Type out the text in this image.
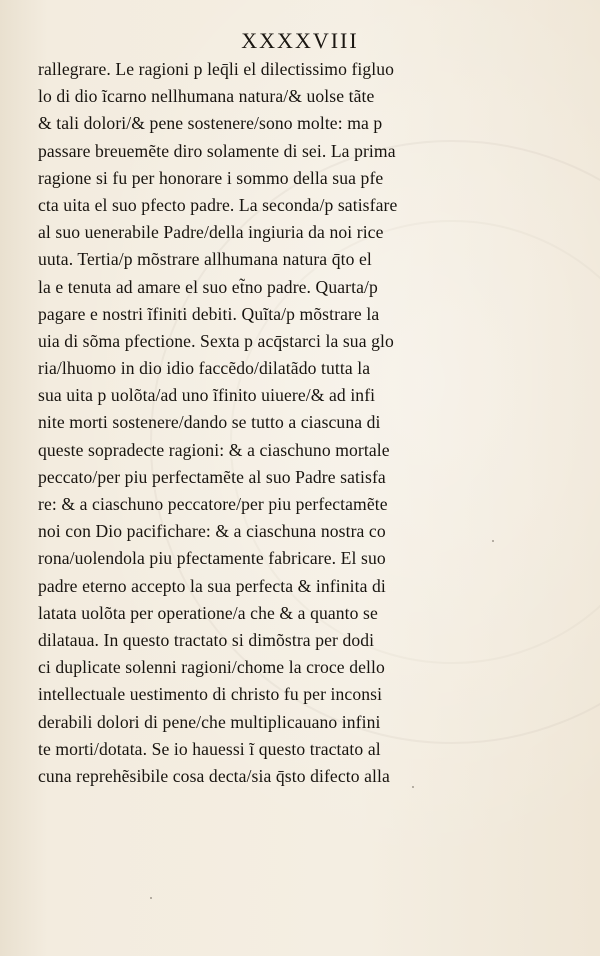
XXXXVIII
rallegrare. Le ragioni p leq̄li el dilectissimo figluo
lo di dio ĩcarno nellhumana natura/& uolse tãte
& tali dolori/& pene sostenere/sono molte: ma p
passare breuemẽte diro solamente di sei. La prima
ragione si fu per honorare i sommo della sua pfe
cta uita el suo pfecto padre. La seconda/p satisfare
al suo uenerabile Padre/della ingiuria da noi rice
uuta. Tertia/p mõstrare allhumana natura q̄to el
la e tenuta ad amare el suo et̃no padre. Quarta/p
pagare e nostri ĩfiniti debiti. Quĩta/p mõstrare la
uia di sõma pfectione. Sexta p acq̄starci la sua glo
ria/lhuomo in dio idio faccẽdo/dilatãdo tutta la
sua uita p uolõta/ad uno ĩfinito uiuere/& ad infi
nite morti sostenere/dando se tutto a ciascuna di
queste sopradecte ragioni: & a ciaschuno mortale
peccato/per piu perfectamẽte al suo Padre satisfa
re: & a ciaschuno peccatore/per piu perfectamẽte
noi con Dio pacifichare: & a ciaschuna nostra co
rona/uolendola piu pfectamente fabricare. El suo
padre eterno accepto la sua perfecta & infinita di
latata uolõta per operatione/a che & a quanto se
dilataua. In questo tractato si dimõstra per dodi
ci duplicate solenni ragioni/chome la croce dello
intellectuale uestimento di christo fu per inconsi
derabili dolori di pene/che multiplicauano infini
te morti/dotata. Se io hauessi ĩ questo tractato al
cuna reprehẽsibile cosa decta/sia q̄sto difecto alla
